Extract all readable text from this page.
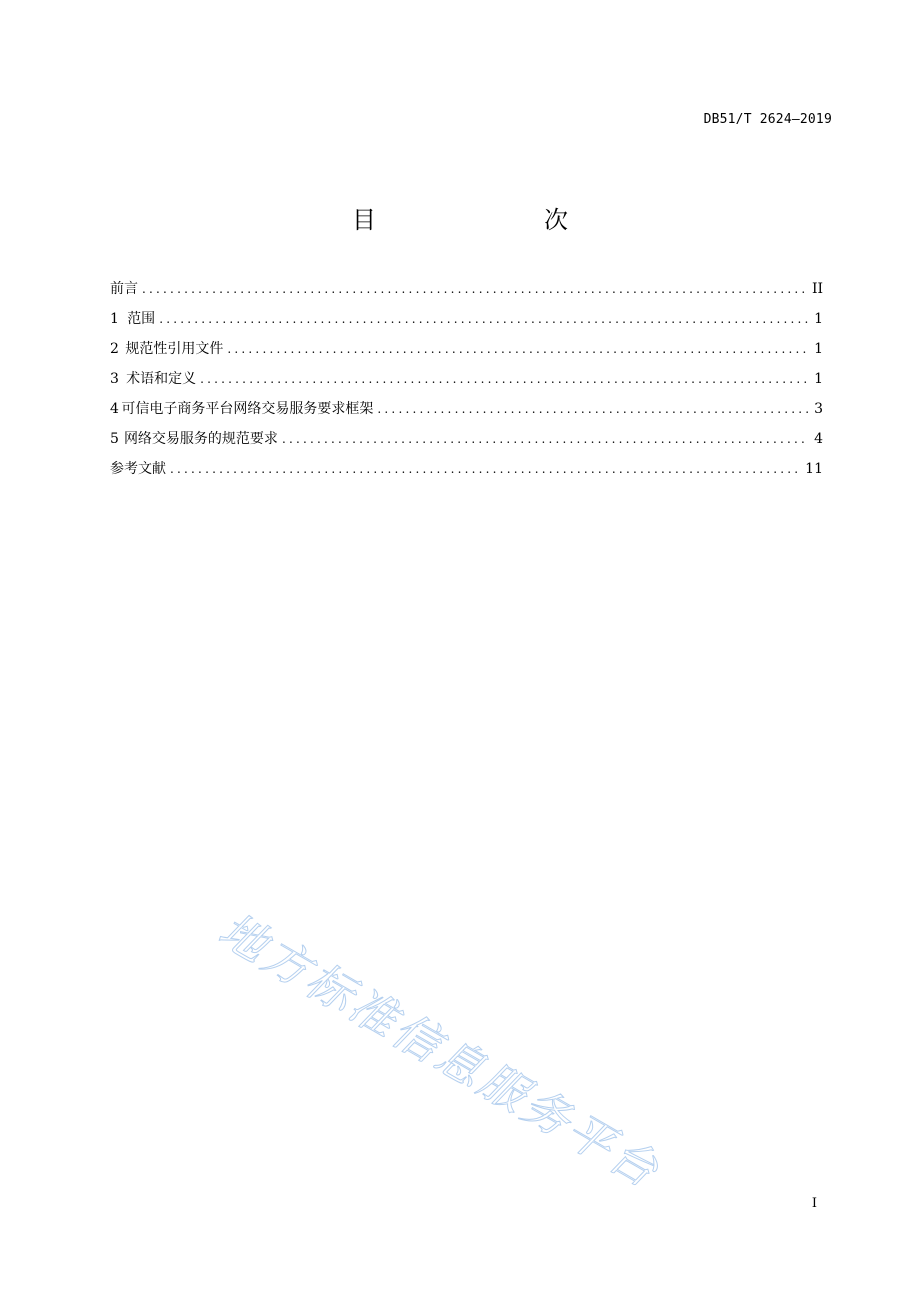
DB51/T 2624—2019
目　　次
前言 .....	II
1 范围 .....	1
2 规范性引用文件 .....	1
3 术语和定义 .....	1
4 可信电子商务平台网络交易服务要求框架 .....	3
5 网络交易服务的规范要求 .....	4
参考文献 .....	11
地方标准信息服务平台
I
